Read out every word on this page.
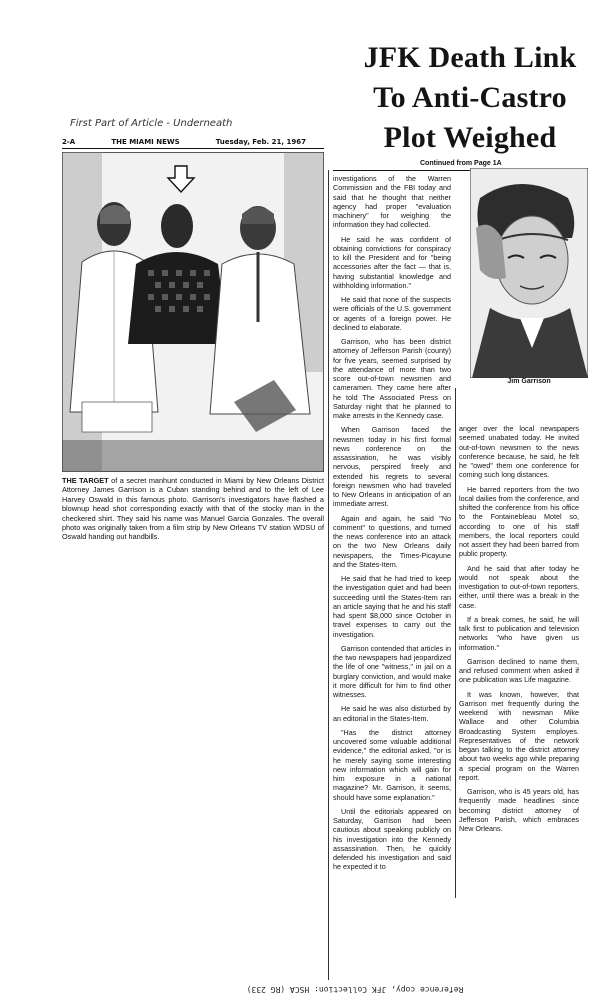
JFK Death Link
To Anti-Castro
Plot Weighed
First Part of Article - Underneath
2-A	THE MIAMI NEWS	Tuesday, Feb. 21, 1967
THE TARGET of a secret manhunt conducted in Miami by New Orleans District Attorney James Garrison is a Cuban standing behind and to the left of Lee Harvey Oswald in this famous photo. Garrison's investigators have flashed a blownup head shot corresponding exactly with that of the stocky man in the checkered shirt. They said his name was Manuel Garcia Gonzales. The overall photo was originally taken from a film strip by New Orleans TV station WDSU of Oswald handing out handbills.
Continued from Page 1A

investigations of the Warren Commission and the FBI today and said that he thought that neither agency had proper "evaluation machinery" for weighing the information they had collected.

He said he was confident of obtaining convictions for conspiracy to kill the President and for "being accessories after the fact — that is, having substantial knowledge and withholding information."

He said that none of the suspects were officials of the U.S. government or agents of a foreign power. He declined to elaborate.

Garrison, who has been district attorney of Jefferson Parish (county) for five years, seemed surprised by the attendance of more than two score out-of-town newsmen and cameramen. They came here after he told The Associated Press on Saturday night that he planned to make arrests in the Kennedy case.

When Garrison faced the newsmen today in his first formal news conference on the assassination, he was visibly nervous, perspired freely and extended his regrets to several foreign newsmen who had traveled to New Orleans in anticipation of an immediate arrest.

Again and again, he said "No comment" to questions, and turned the news conference into an attack on the two New Orleans daily newspapers, the Times-Picayune and the States-Item.

He said that he had tried to keep the investigation quiet and had been succeeding until the States-Item ran an article saying that he and his staff had spent $8,000 since October in travel expenses to carry out the investigation.

Garrison contended that articles in the two newspapers had jeopardized the life of one "witness," in jail on a burglary conviction, and would make it more difficult for him to find other witnesses.

He said he was also disturbed by an editorial in the States-Item.

"Has the district attorney uncovered some valuable additional evidence," the editorial asked, "or is he merely saying some interesting new information which will gain for him exposure in a national magazine? Mr. Garrison, it seems, should have some explanation."

Until the editorials appeared on Saturday, Garrison had been cautious about speaking publicly on his investigation into the Kennedy assassination. Then, he quickly defended his investigation and said he expected it to

Jim Garrison

anger over the local newspapers seemed unabated today. He invited out-of-town newsmen to the news conference because, he said, he felt he "owed" them one conference for coming such long distances.

He barred reporters from the two local dailies from the conference, and shifted the conference from his office to the Fontainebleau Motel so, according to one of his staff members, the local reporters could not assert they had been barred from public property.

And he said that after today he would not speak about the investigation to out-of-town reporters, either, until there was a break in the case.

If a break comes, he said, he will talk first to publication and television networks "who have given us information."

Garrison declined to name them, and refused comment when asked if one publication was Life magazine.

It was known, however, that Garrison met frequently during the weekend with newsman Mike Wallace and other Columbia Broadcasting System employes. Representatives of the network began talking to the district attorney about two weeks ago while preparing a special program on the Warren report.

Garrison, who is 45 years old, has frequently made headlines since becoming district attorney of Jefferson Parish, which embraces New Orleans.

Reference copy, JFK Collection: HSCA (RG 233)
